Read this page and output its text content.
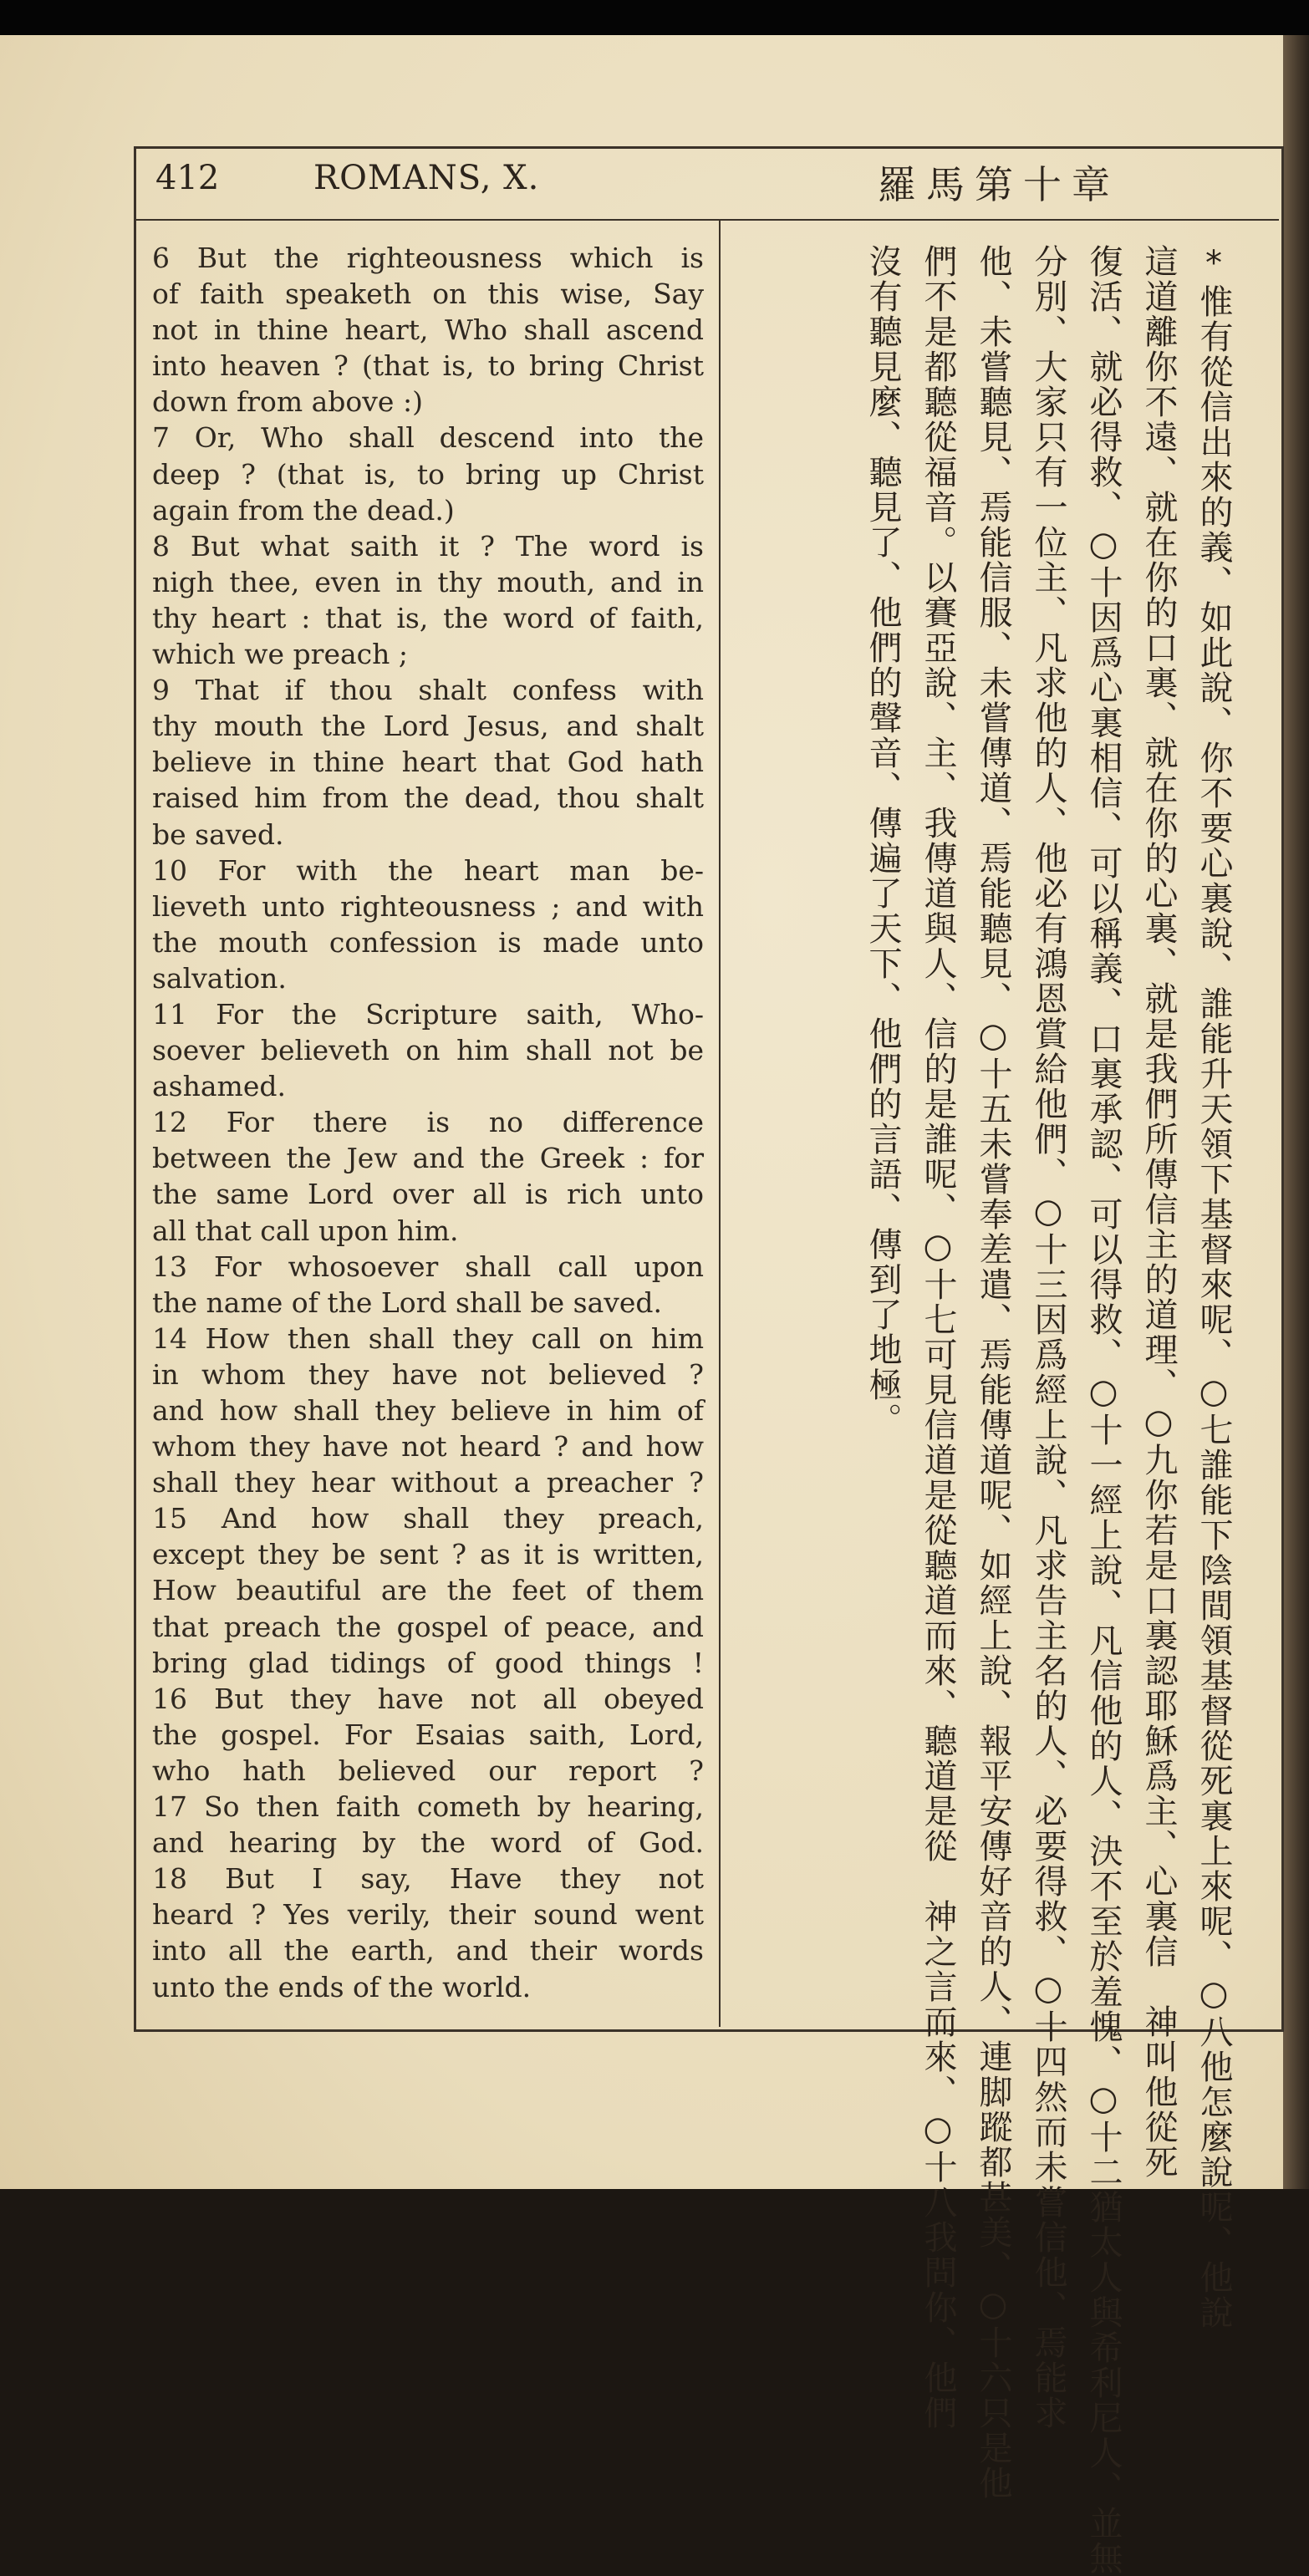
412	ROMANS, X.	羅馬第十章
6 But the righteousness which is
of faith speaketh on this wise, Say
not in thine heart, Who shall ascend
into heaven ? (that is, to bring Christ
down from above :)
7 Or, Who shall descend into the
deep ? (that is, to bring up Christ
again from the dead.)
8 But what saith it ? The word is
nigh thee, even in thy mouth, and in
thy heart : that is, the word of faith,
which we preach ;
9 That if thou shalt confess with
thy mouth the Lord Jesus, and shalt
believe in thine heart that God hath
raised him from the dead, thou shalt
be saved.
10 For with the heart man be-
lieveth unto righteousness ; and with
the mouth confession is made unto
salvation.
11 For the Scripture saith, Who-
soever believeth on him shall not be
ashamed.
12 For there is no difference
between the Jew and the Greek : for
the same Lord over all is rich unto
all that call upon him.
13 For whosoever shall call upon
the name of the Lord shall be saved.
14 How then shall they call on him
in whom they have not believed ?
and how shall they believe in him of
whom they have not heard ? and how
shall they hear without a preacher ?
15 And how shall they preach,
except they be sent ? as it is written,
How beautiful are the feet of them
that preach the gospel of peace, and
bring glad tidings of good things !
16 But they have not all obeyed
the gospel. For Esaias saith, Lord,
who hath believed our report ?
17 So then faith cometh by hearing,
and hearing by the word of God.
18 But I say, Have they not
heard ? Yes verily, their sound went
into all the earth, and their words
unto the ends of the world.	*惟有從信出來的義、如此說、你不要心裏說、誰能升天領下基督來呢、○七誰能下陰間領基督從死裏上來呢、○八他怎麼說呢、他說
這道離你不遠、就在你的口裏、就在你的心裏、就是我們所傳信主的道理、○九你若是口裏認耶穌爲主、心裏信　神叫他從死
復活、就必得救、○十因爲心裏相信、可以稱義、口裏承認、可以得救、○十一經上說、凡信他的人、決不至於羞愧、○十二猶太人與希利尼人、並無
分別、大家只有一位主、凡求他的人、他必有鴻恩賞給他們、○十三因爲經上說、凡求告主名的人、必要得救、○十四然而未嘗信他、焉能求
他、未嘗聽見、焉能信服、未嘗傳道、焉能聽見、○十五未嘗奉差遣、焉能傳道呢、如經上說、報平安傳好音的人、連脚蹤都甚美、○十六只是他
們不是都聽從福音。以賽亞說、主、我傳道與人、信的是誰呢、○十七可見信道是從聽道而來、聽道是從　神之言而來、○十八我問你、他們
沒有聽見麼、聽見了、他們的聲音、傳遍了天下、他們的言語、傳到了地極。
